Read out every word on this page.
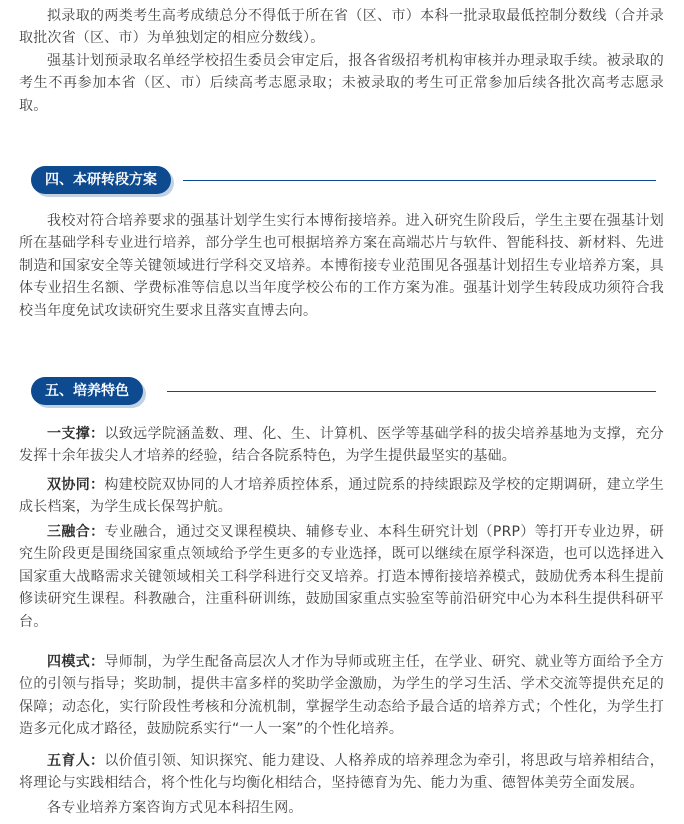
拟录取的两类考生高考成绩总分不得低于所在省（区、市）本科一批录取最低控制分数线（合并录取批次省（区、市）为单独划定的相应分数线）。

强基计划预录取名单经学校招生委员会审定后，报各省级招考机构审核并办理录取手续。被录取的考生不再参加本省（区、市）后续高考志愿录取；未被录取的考生可正常参加后续各批次高考志愿录取。

四、本研转段方案

我校对符合培养要求的强基计划学生实行本博衔接培养。进入研究生阶段后，学生主要在强基计划所在基础学科专业进行培养，部分学生也可根据培养方案在高端芯片与软件、智能科技、新材料、先进制造和国家安全等关键领域进行学科交叉培养。本博衔接专业范围见各强基计划招生专业培养方案，具体专业招生名额、学费标准等信息以当年度学校公布的工作方案为准。强基计划学生转段成功须符合我校当年度免试攻读研究生要求且落实直博去向。

五、培养特色

一支撑：以致远学院涵盖数、理、化、生、计算机、医学等基础学科的拔尖培养基地为支撑，充分发挥十余年拔尖人才培养的经验，结合各院系特色，为学生提供最坚实的基础。

双协同：构建校院双协同的人才培养质控体系，通过院系的持续跟踪及学校的定期调研，建立学生成长档案，为学生成长保驾护航。

三融合：专业融合，通过交叉课程模块、辅修专业、本科生研究计划（PRP）等打开专业边界，研究生阶段更是围绕国家重点领域给予学生更多的专业选择，既可以继续在原学科深造，也可以选择进入国家重大战略需求关键领域相关工科学科进行交叉培养。打造本博衔接培养模式，鼓励优秀本科生提前修读研究生课程。科教融合，注重科研训练，鼓励国家重点实验室等前沿研究中心为本科生提供科研平台。

四模式：导师制，为学生配备高层次人才作为导师或班主任，在学业、研究、就业等方面给予全方位的引领与指导；奖助制，提供丰富多样的奖助学金激励，为学生的学习生活、学术交流等提供充足的保障；动态化，实行阶段性考核和分流机制，掌握学生动态给予最合适的培养方式；个性化，为学生打造多元化成才路径，鼓励院系实行“一人一案”的个性化培养。

五育人：以价值引领、知识探究、能力建设、人格养成的培养理念为牵引，将思政与培养相结合，将理论与实践相结合，将个性化与均衡化相结合，坚持德育为先、能力为重、德智体美劳全面发展。

各专业培养方案咨询方式见本科招生网。
